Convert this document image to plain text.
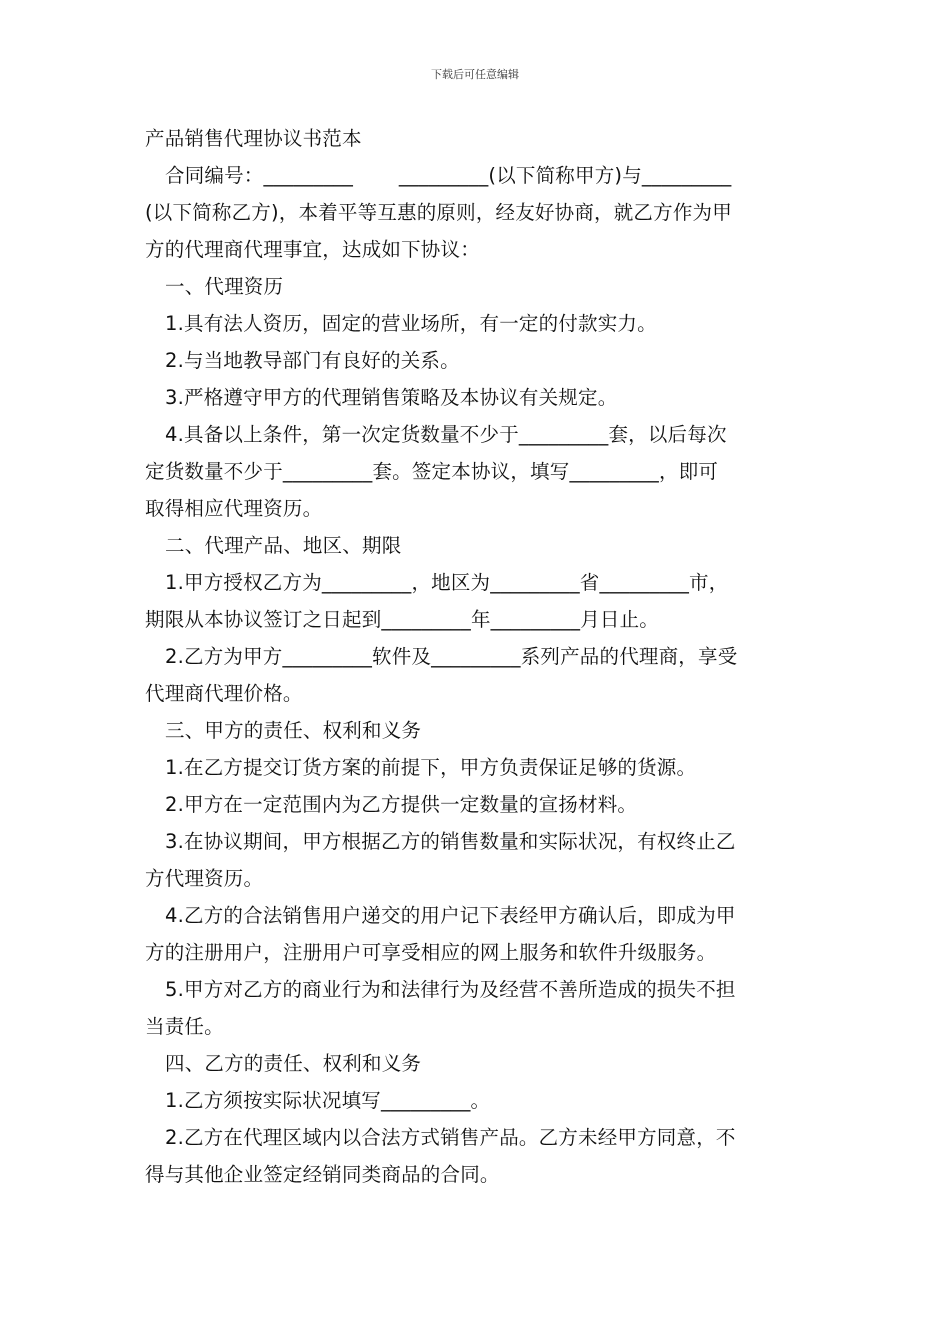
下载后可任意编辑

产品销售代理协议书范本

合同编号：_________　　 _________(以下简称甲方)与_________

(以下简称乙方)，本着平等互惠的原则，经友好协商，就乙方作为甲

方的代理商代理事宜，达成如下协议：

一、代理资历

1.具有法人资历，固定的营业场所，有一定的付款实力。

2.与当地教导部门有良好的关系。

3.严格遵守甲方的代理销售策略及本协议有关规定。

4.具备以上条件，第一次定货数量不少于_________套，以后每次

定货数量不少于_________套。签定本协议，填写_________，即可

取得相应代理资历。

二、代理产品、地区、期限

1.甲方授权乙方为_________，地区为_________省_________市，

期限从本协议签订之日起到_________年_________月日止。

2.乙方为甲方_________软件及_________系列产品的代理商，享受

代理商代理价格。

三、甲方的责任、权利和义务

1.在乙方提交订货方案的前提下，甲方负责保证足够的货源。

2.甲方在一定范围内为乙方提供一定数量的宣扬材料。

3.在协议期间，甲方根据乙方的销售数量和实际状况，有权终止乙

方代理资历。

4.乙方的合法销售用户递交的用户记下表经甲方确认后，即成为甲

方的注册用户，注册用户可享受相应的网上服务和软件升级服务。

5.甲方对乙方的商业行为和法律行为及经营不善所造成的损失不担

当责任。

四、乙方的责任、权利和义务

1.乙方须按实际状况填写_________。

2.乙方在代理区域内以合法方式销售产品。乙方未经甲方同意，不

得与其他企业签定经销同类商品的合同。
